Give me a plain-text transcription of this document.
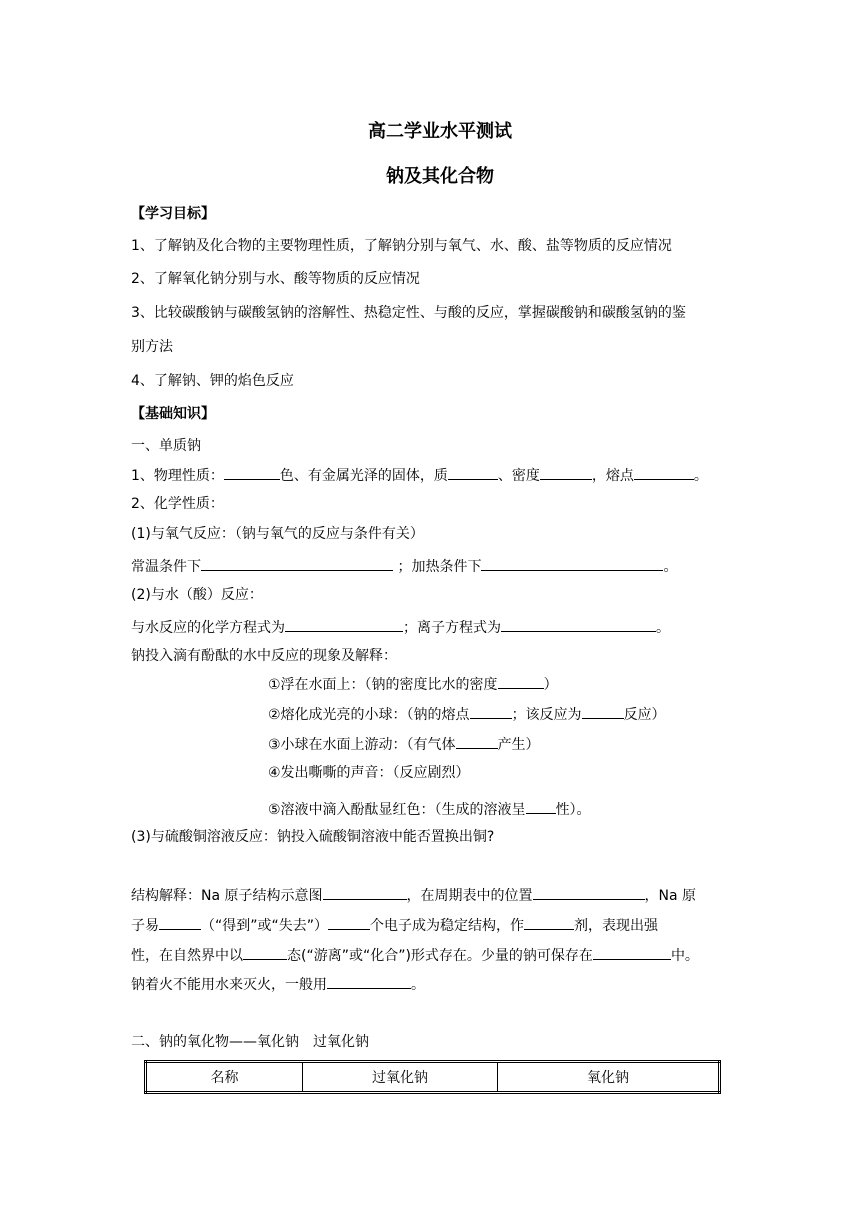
高二学业水平测试
钠及其化合物
【学习目标】
1、了解钠及化合物的主要物理性质，了解钠分别与氧气、水、酸、盐等物质的反应情况
2、了解氧化钠分别与水、酸等物质的反应情况
3、比较碳酸钠与碳酸氢钠的溶解性、热稳定性、与酸的反应，掌握碳酸钠和碳酸氢钠的鉴
别方法
4、了解钠、钾的焰色反应
【基础知识】
一、单质钠
1、物理性质：	色、有金属光泽的固体，质	、密度	，熔点	。
2、化学性质：
(1)与氧气反应：（钠与氧气的反应与条件有关）
常温条件下	；加热条件下	。
(2)与水（酸）反应：
与水反应的化学方程式为	；离子方程式为	。
钠投入滴有酚酞的水中反应的现象及解释：
①浮在水面上：（钠的密度比水的密度	）
②熔化成光亮的小球：（钠的熔点	；该反应为	反应）
③小球在水面上游动：（有气体	产生）
④发出嘶嘶的声音：（反应剧烈）
⑤溶液中滴入酚酞显红色：（生成的溶液呈 性）。
(3)与硫酸铜溶液反应：钠投入硫酸铜溶液中能否置换出铜?
结构解释：Na 原子结构示意图	，在周期表中的位置	，Na 原
子易	（“得到”或“失去”）	个电子成为稳定结构，作	剂，表现出强
性，在自然界中以	态(“游离”或“化合”)形式存在。少量的钠可保存在	中。
钠着火不能用水来灭火，一般用	。
二、钠的氧化物——氧化钠　过氧化钠
名称	过氧化钠	氧化钠
